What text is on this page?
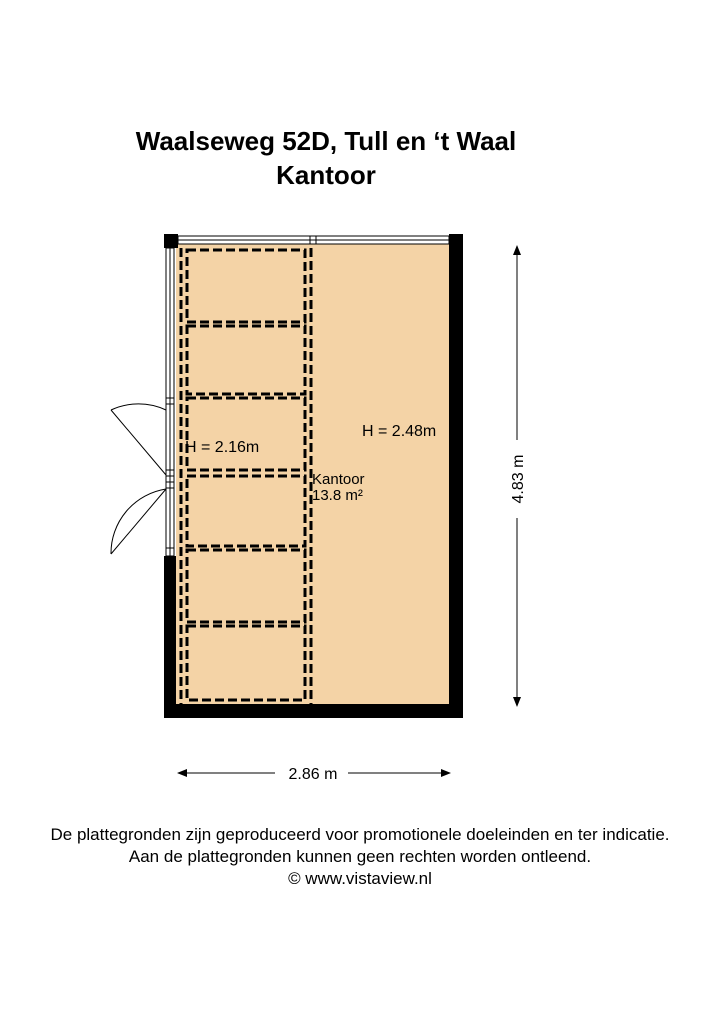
Waalseweg 52D, Tull en ‘t Waal
Kantoor
H = 2.48m
H = 2.16m
Kantoor
13.8 m²
2.86 m
4.83 m
De plattegronden zijn geproduceerd voor promotionele doeleinden en ter indicatie.
Aan de plattegronden kunnen geen rechten worden ontleend.
© www.vistaview.nl
